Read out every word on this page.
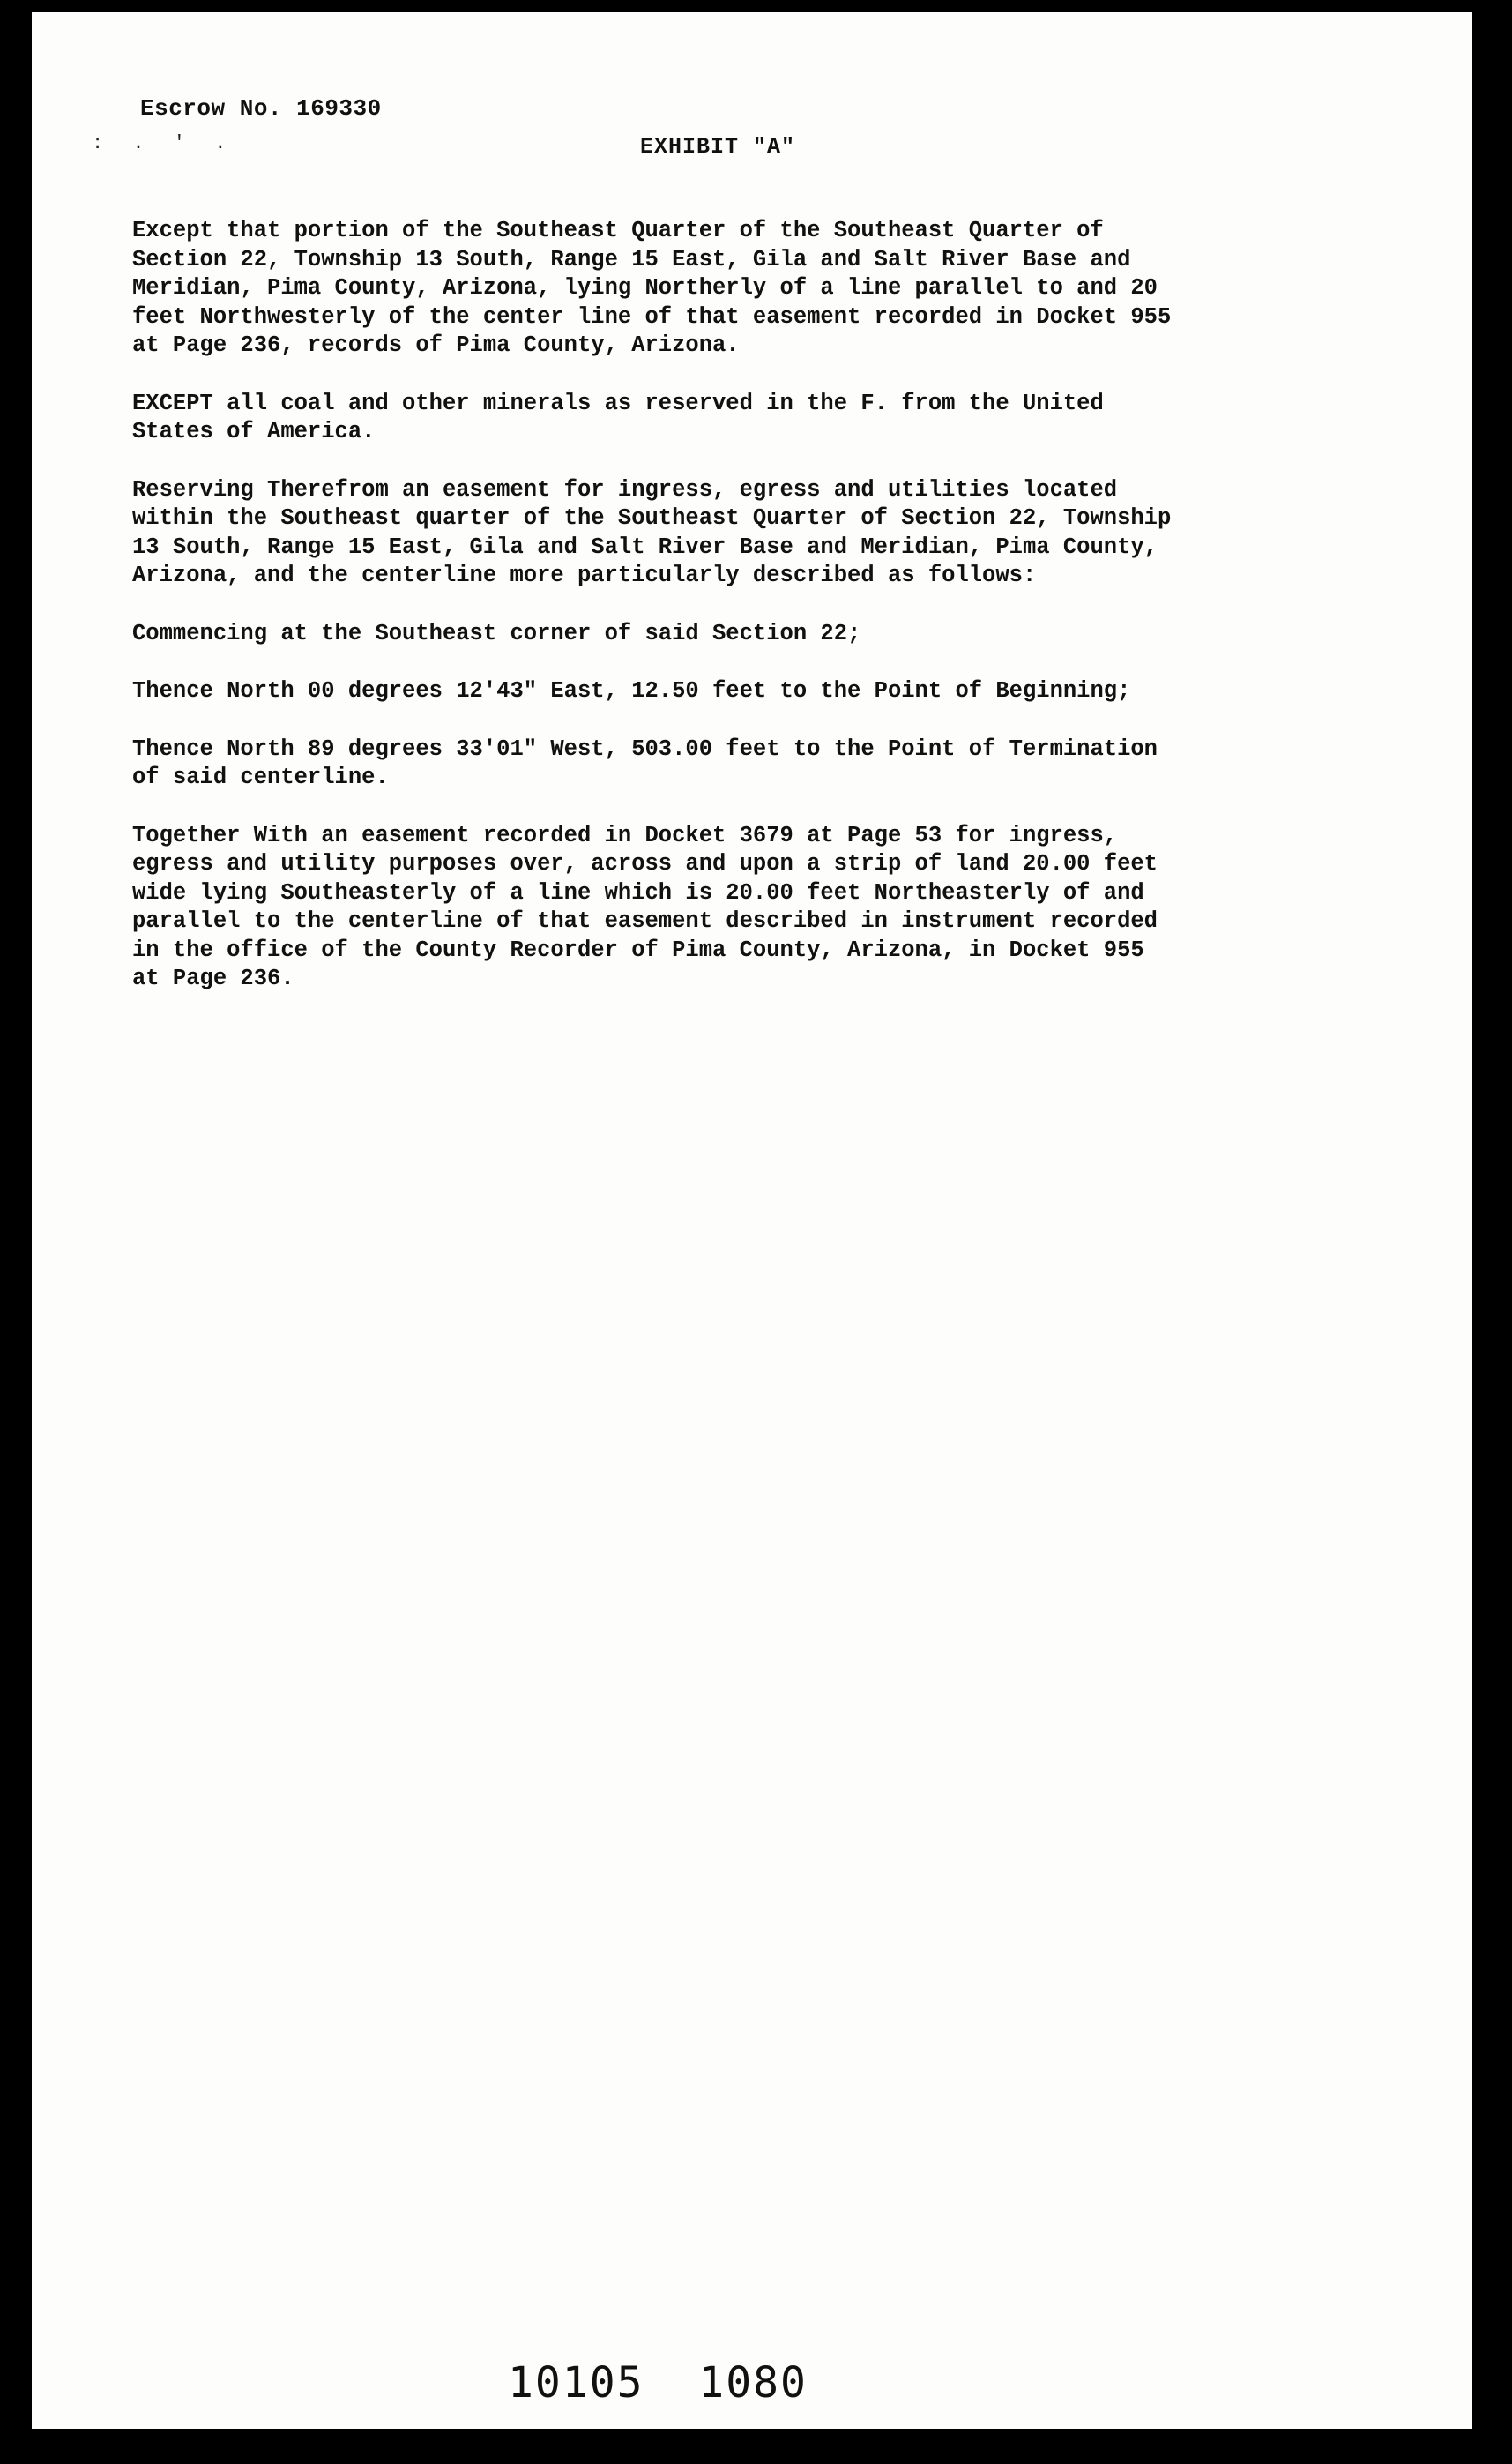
Escrow No. 169330
: . ' .	EXHIBIT "A"

Except that portion of the Southeast Quarter of the Southeast Quarter of
Section 22, Township 13 South, Range 15 East, Gila and Salt River Base and
Meridian, Pima County, Arizona, lying Northerly of a line parallel to and 20
feet Northwesterly of the center line of that easement recorded in Docket 955
at Page 236, records of Pima County, Arizona.

EXCEPT all coal and other minerals as reserved in the F. from the United
States of America.

Reserving Therefrom an easement for ingress, egress and utilities located
within the Southeast quarter of the Southeast Quarter of Section 22, Township
13 South, Range 15 East, Gila and Salt River Base and Meridian, Pima County,
Arizona, and the centerline more particularly described as follows:

Commencing at the Southeast corner of said Section 22;

Thence North 00 degrees 12'43" East, 12.50 feet to the Point of Beginning;

Thence North 89 degrees 33'01" West, 503.00 feet to the Point of Termination
of said centerline.

Together With an easement recorded in Docket 3679 at Page 53 for ingress,
egress and utility purposes over, across and upon a strip of land 20.00 feet
wide lying Southeasterly of a line which is 20.00 feet Northeasterly of and
parallel to the centerline of that easement described in instrument recorded
in the office of the County Recorder of Pima County, Arizona, in Docket 955
at Page 236.

10105  1080
